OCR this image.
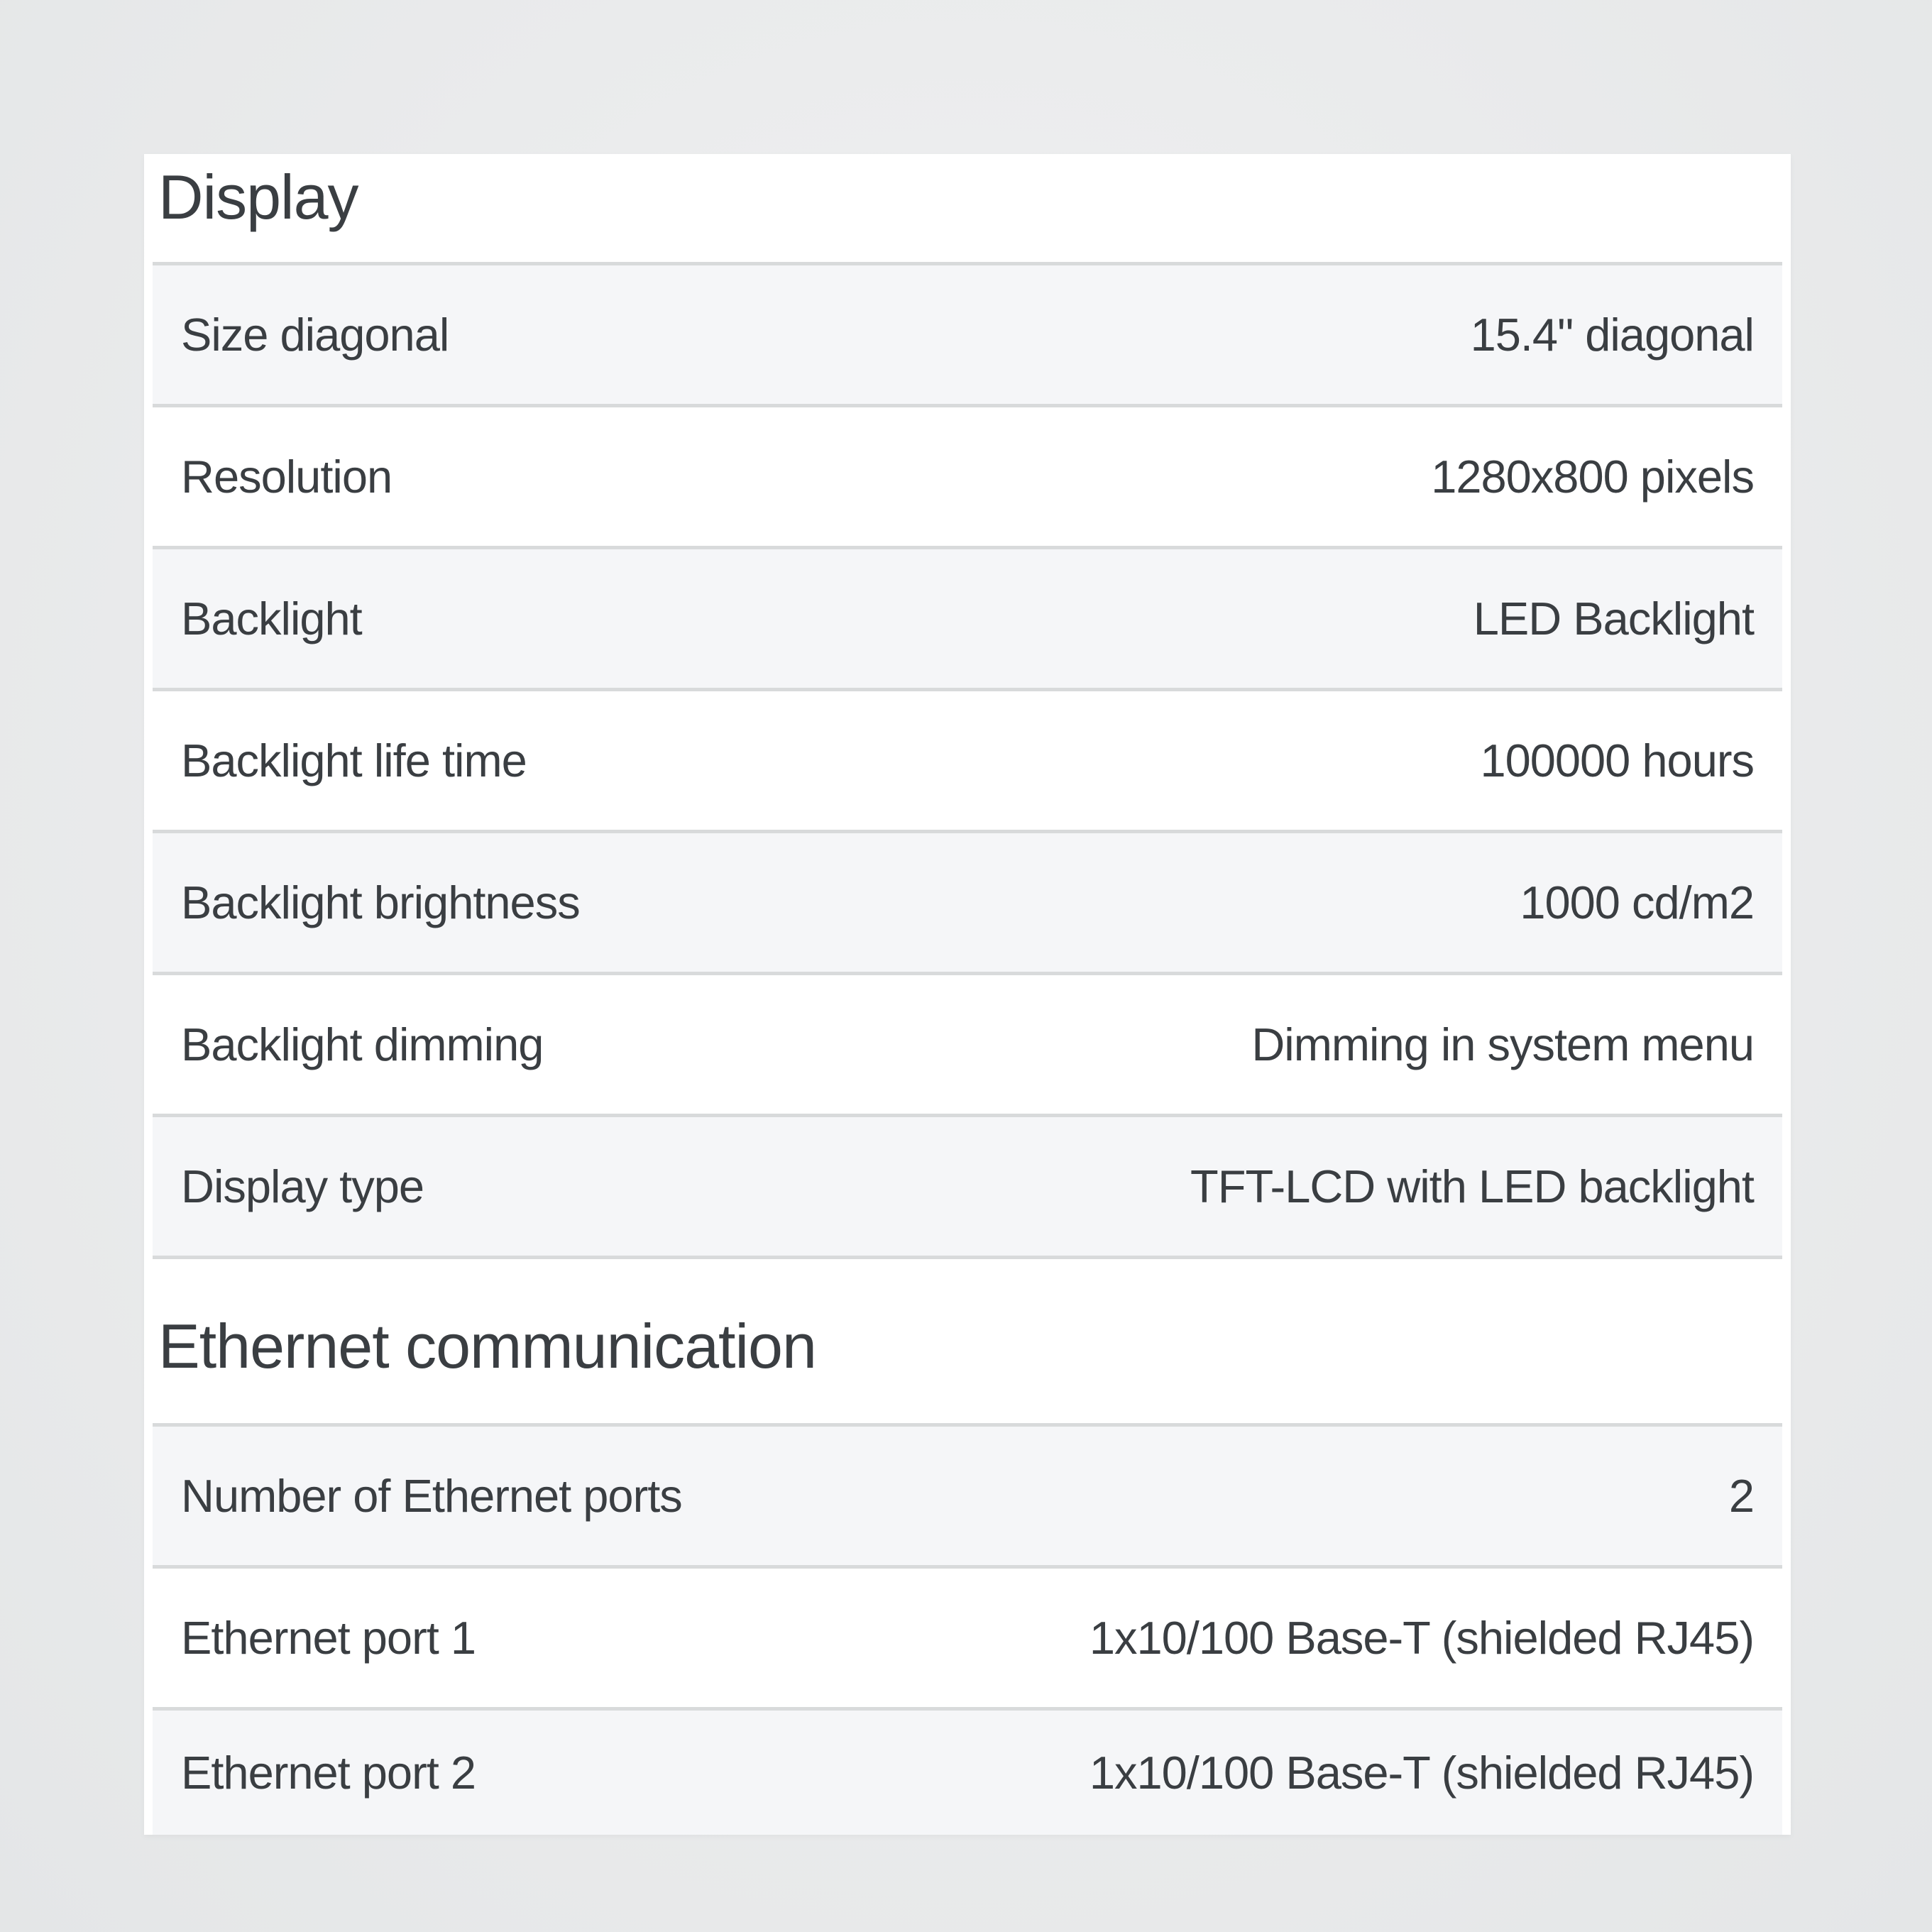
Display
Size diagonal	15.4" diagonal
Resolution	1280x800 pixels
Backlight	LED Backlight
Backlight life time	100000 hours
Backlight brightness	1000 cd/m2
Backlight dimming	Dimming in system menu
Display type	TFT-LCD with LED backlight
Ethernet communication
Number of Ethernet ports	2
Ethernet port 1	1x10/100 Base-T (shielded RJ45)
Ethernet port 2	1x10/100 Base-T (shielded RJ45)
